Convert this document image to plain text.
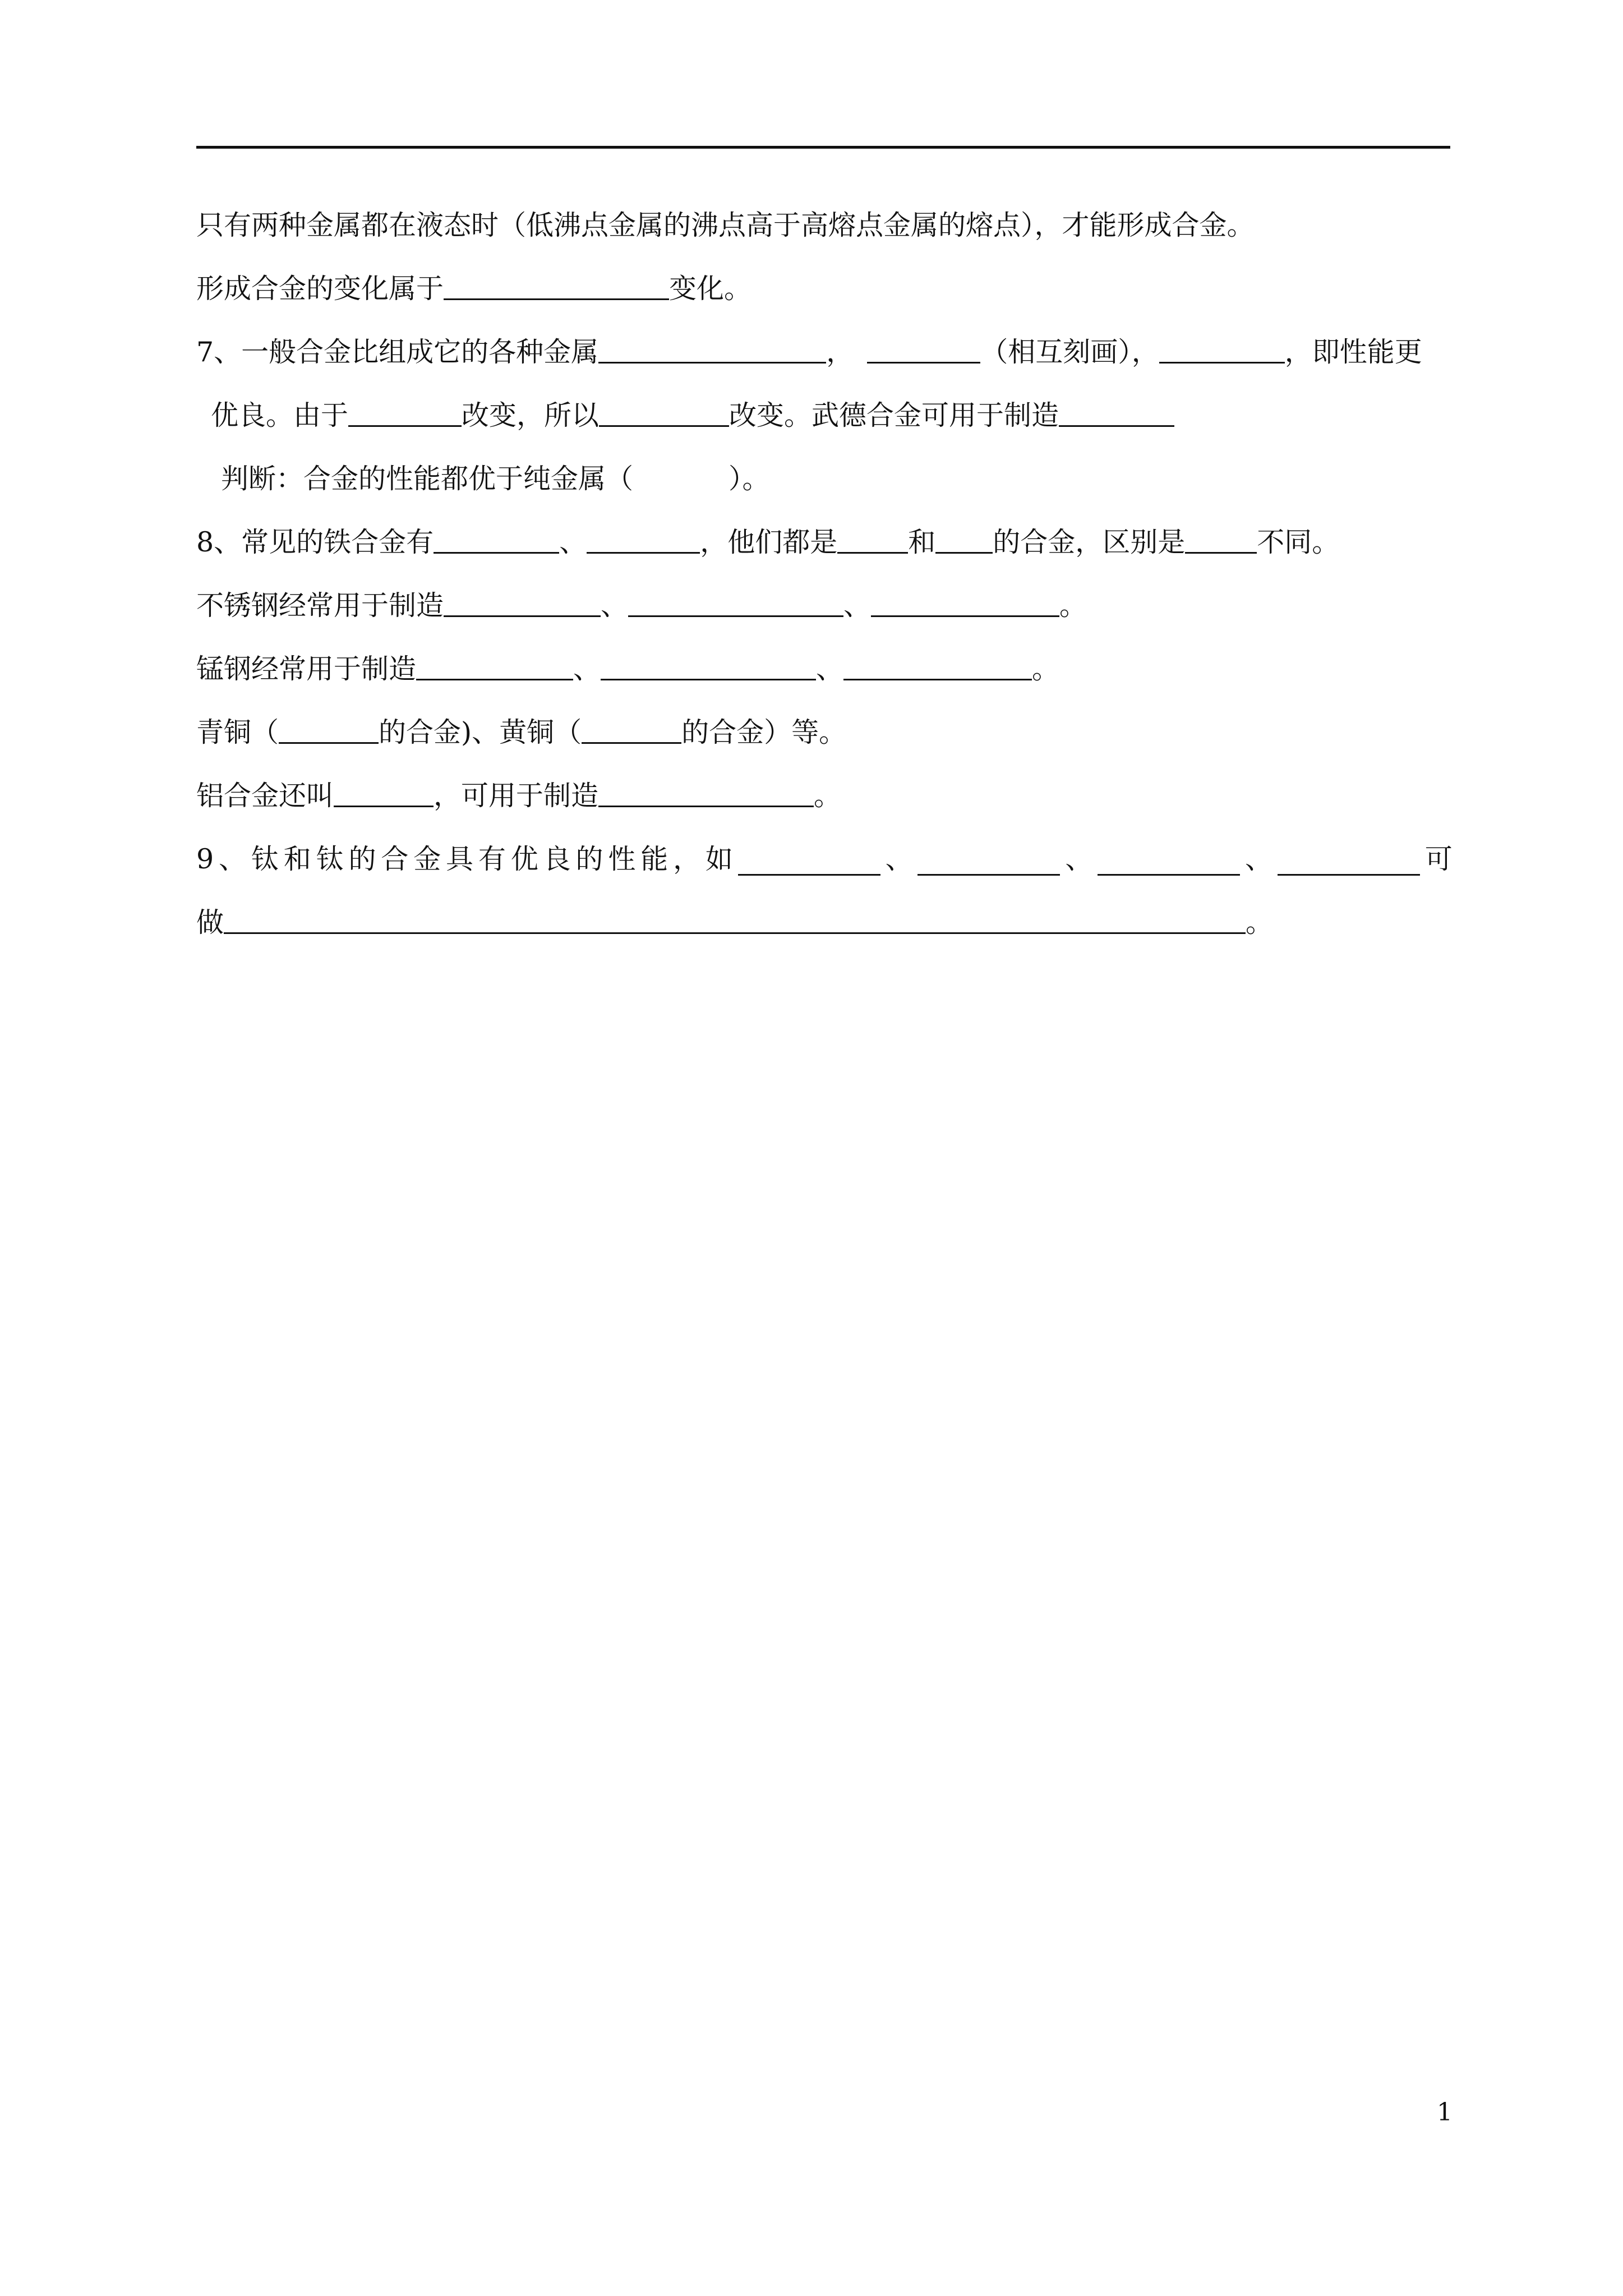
只有两种金属都在液态时（低沸点金属的沸点高于高熔点金属的熔点），才能形成合金。
形成合金的变化属于	变化。
7、一般合金比组成它的各种金属	，	（相互刻画），	，即性能更
优良。由于	改变，所以	改变。武德合金可用于制造
判断：合金的性能都优于纯金属（	）。
8、常见的铁合金有	、	，他们都是	和 的合金，区别是	不同。
不锈钢经常用于制造	、	、	。
锰钢经常用于制造	、	、	。
青铜（	的合金)、黄铜（	的合金）等。
铝合金还叫	，可用于制造	。
9 、 钛 和 钛 的 合 金 具 有 优 良 的 性 能 ， 如	、	、	、	可
做	。
1
